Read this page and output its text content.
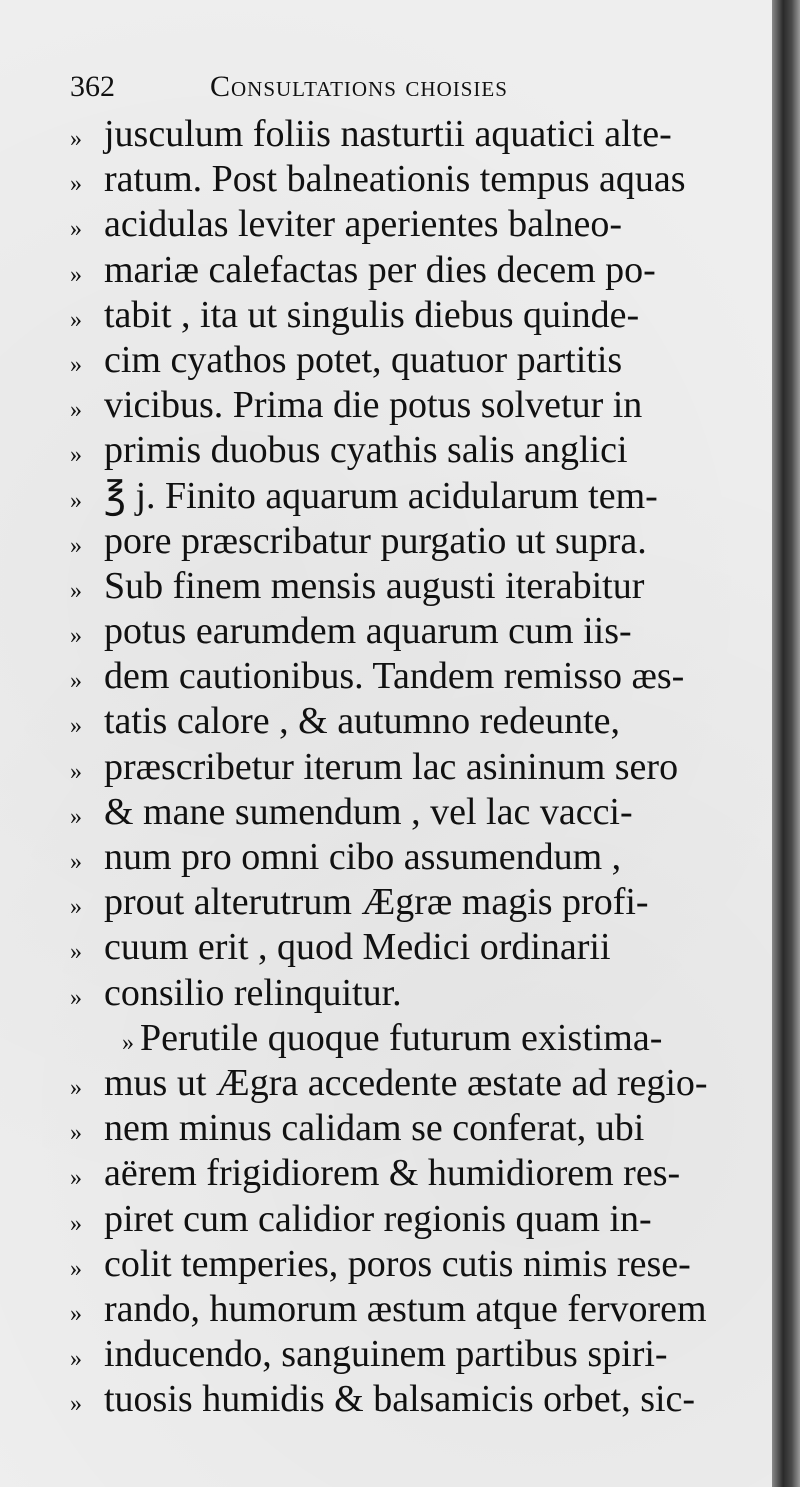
362	Consultations choisies
» jusculum foliis nasturtii aquatici alte-
» ratum. Post balneationis tempus aquas
» acidulas leviter aperientes balneo-
» mariæ calefactas per dies decem po-
» tabit , ita ut singulis diebus quinde-
» cim cyathos potet, quatuor partitis
» vicibus. Prima die potus solvetur in
» primis duobus cyathis salis anglici
» ℥ j. Finito aquarum acidularum tem-
» pore præscribatur purgatio ut supra.
» Sub finem mensis augusti iterabitur
» potus earumdem aquarum cum iis-
» dem cautionibus. Tandem remisso æs-
» tatis calore , & autumno redeunte,
» præscribetur iterum lac asininum sero
» & mane sumendum , vel lac vacci-
» num pro omni cibo assumendum ,
» prout alterutrum Ægræ magis profi-
» cuum erit , quod Medici ordinarii
» consilio relinquitur.
» Perutile quoque futurum existima-
» mus ut Ægra accedente æstate ad regio-
» nem minus calidam se conferat, ubi
» aërem frigidiorem & humidiorem res-
» piret cum calidior regionis quam in-
» colit temperies, poros cutis nimis rese-
» rando, humorum æstum atque fervorem
» inducendo, sanguinem partibus spiri-
» tuosis humidis & balsamicis orbet, sic-
